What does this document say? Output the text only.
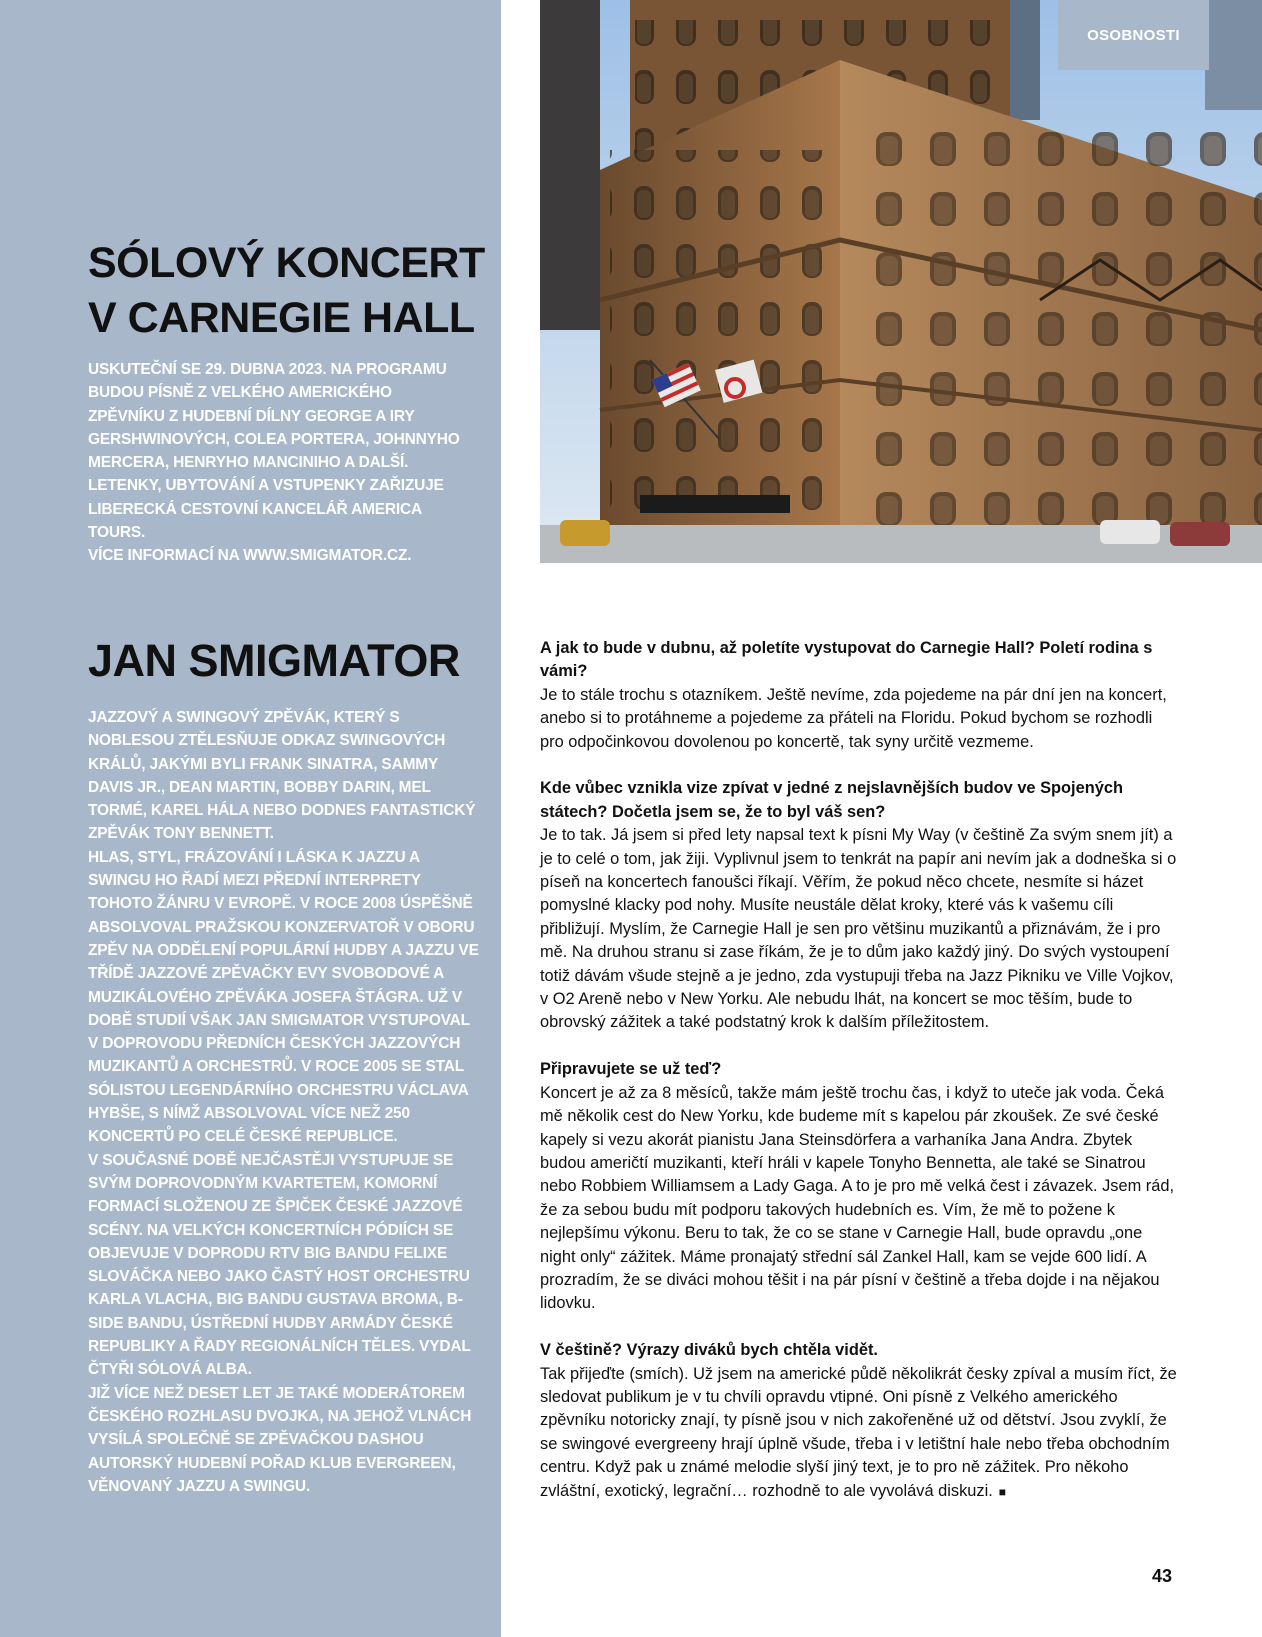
SÓLOVÝ KONCERT
V CARNEGIE HALL

USKUTEČNÍ SE 29. DUBNA 2023. NA PROGRAMU BUDOU PÍSNĚ Z VELKÉHO AMERICKÉHO ZPĚVNÍKU Z HUDEBNÍ DÍLNY GEORGE A IRY GERSHWINOVÝCH, COLEA PORTERA, JOHNNYHO MERCERA, HENRYHO MANCINIHO A DALŠÍ. LETENKY, UBYTOVÁNÍ A VSTUPENKY ZAŘIZUJE LIBERECKÁ CESTOVNÍ KANCELÁŘ AMERICA TOURS.

VÍCE INFORMACÍ NA WWW.SMIGMATOR.CZ.

JAN SMIGMATOR

JAZZOVÝ A SWINGOVÝ ZPĚVÁK, KTERÝ S NOBLESOU ZTĚLESŇUJE ODKAZ SWINGOVÝCH KRÁLŮ, JAKÝMI BYLI FRANK SINATRA, SAMMY DAVIS JR., DEAN MARTIN, BOBBY DARIN, MEL TORMÉ, KAREL HÁLA NEBO DODNES FANTASTICKÝ ZPĚVÁK TONY BENNETT.

HLAS, STYL, FRÁZOVÁNÍ I LÁSKA K JAZZU A SWINGU HO ŘADÍ MEZI PŘEDNÍ INTERPRETY TOHOTO ŽÁNRU V EVROPĚ. V ROCE 2008 ÚSPĚŠNĚ ABSOLVOVAL PRAŽSKOU KONZERVATOŘ V OBORU ZPĚV NA ODDĚLENÍ POPULÁRNÍ HUDBY A JAZZU VE TŘÍDĚ JAZZOVÉ ZPĚVAČKY EVY SVOBODOVÉ A MUZIKÁLOVÉHO ZPĚVÁKA JOSEFA ŠTÁGRA. UŽ V DOBĚ STUDIÍ VŠAK JAN SMIGMATOR VYSTUPOVAL V DOPROVODU PŘEDNÍCH ČESKÝCH JAZZOVÝCH MUZIKANTŮ A ORCHESTRŮ. V ROCE 2005 SE STAL SÓLISTOU LEGENDÁRNÍHO ORCHESTRU VÁCLAVA HYBŠE, S NÍMŽ ABSOLVOVAL VÍCE NEŽ 250 KONCERTŮ PO CELÉ ČESKÉ REPUBLICE.

V SOUČASNÉ DOBĚ NEJČASTĚJI VYSTUPUJE SE SVÝM DOPROVODNÝM KVARTETEM, KOMORNÍ FORMACÍ SLOŽENOU ZE ŠPIČEK ČESKÉ JAZZOVÉ SCÉNY. NA VELKÝCH KONCERTNÍCH PÓDIÍCH SE OBJEVUJE V DOPRODU RTV BIG BANDU FELIXE SLOVÁČKA NEBO JAKO ČASTÝ HOST ORCHESTRU KARLA VLACHA, BIG BANDU GUSTAVA BROMA, B-SIDE BANDU, ÚSTŘEDNÍ HUDBY ARMÁDY ČESKÉ REPUBLIKY A ŘADY REGIONÁLNÍCH TĚLES. VYDAL ČTYŘI SÓLOVÁ ALBA.

JIŽ VÍCE NEŽ DESET LET JE TAKÉ MODERÁTOREM ČESKÉHO ROZHLASU DVOJKA, NA JEHOŽ VLNÁCH VYSÍLÁ SPOLEČNĚ SE ZPĚVAČKOU DASHOU AUTORSKÝ HUDEBNÍ POŘAD KLUB EVERGREEN, VĚNOVANÝ JAZZU A SWINGU.

OSOBNOSTI

A jak to bude v dubnu, až poletíte vystupovat do Carnegie Hall? Poletí rodina s vámi?

Je to stále trochu s otazníkem. Ještě nevíme, zda pojedeme na pár dní jen na koncert, anebo si to protáhneme a pojedeme za přáteli na Floridu. Pokud bychom se rozhodli pro odpočinkovou dovolenou po koncertě, tak syny určitě vezmeme.

Kde vůbec vznikla vize zpívat v jedné z nejslavnějších budov ve Spojených státech? Dočetla jsem se, že to byl váš sen?

Je to tak. Já jsem si před lety napsal text k písni My Way (v češtině Za svým snem jít) a je to celé o tom, jak žiji. Vyplivnul jsem to tenkrát na papír ani nevím jak a dodneška si o píseň na koncertech fanoušci říkají. Věřím, že pokud něco chcete, nesmíte si házet pomyslné klacky pod nohy. Musíte neustále dělat kroky, které vás k vašemu cíli přibližují. Myslím, že Carnegie Hall je sen pro většinu muzikantů a přiznávám, že i pro mě. Na druhou stranu si zase říkám, že je to dům jako každý jiný. Do svých vystoupení totiž dávám všude stejně a je jedno, zda vystupuji třeba na Jazz Pikniku ve Ville Vojkov, v O2 Areně nebo v New Yorku. Ale nebudu lhát, na koncert se moc těším, bude to obrovský zážitek a také podstatný krok k dalším příležitostem.

Připravujete se už teď?

Koncert je až za 8 měsíců, takže mám ještě trochu čas, i když to uteče jak voda. Čeká mě několik cest do New Yorku, kde budeme mít s kapelou pár zkoušek. Ze své české kapely si vezu akorát pianistu Jana Steinsdörfera a varhaníka Jana Andra. Zbytek budou američtí muzikanti, kteří hráli v kapele Tonyho Bennetta, ale také se Sinatrou nebo Robbiem Williamsem a Lady Gaga. A to je pro mě velká čest i závazek. Jsem rád, že za sebou budu mít podporu takových hudebních es. Vím, že mě to požene k nejlepšímu výkonu. Beru to tak, že co se stane v Carnegie Hall, bude opravdu „one night only“ zážitek. Máme pronajatý střední sál Zankel Hall, kam se vejde 600 lidí. A prozradím, že se diváci mohou těšit i na pár písní v češtině a třeba dojde i na nějakou lidovku.

V češtině? Výrazy diváků bych chtěla vidět.

Tak přijeďte (smích). Už jsem na americké půdě několikrát česky zpíval a musím říct, že sledovat publikum je v tu chvíli opravdu vtipné. Oni písně z Velkého amerického zpěvníku notoricky znají, ty písně jsou v nich zakořeněné už od dětství. Jsou zvyklí, že se swingové evergreeny hrají úplně všude, třeba i v letištní hale nebo třeba obchodním centru. Když pak u známé melodie slyší jiný text, je to pro ně zážitek. Pro někoho zvláštní, exotický, legrační… rozhodně to ale vyvolává diskuzi. ■

43
